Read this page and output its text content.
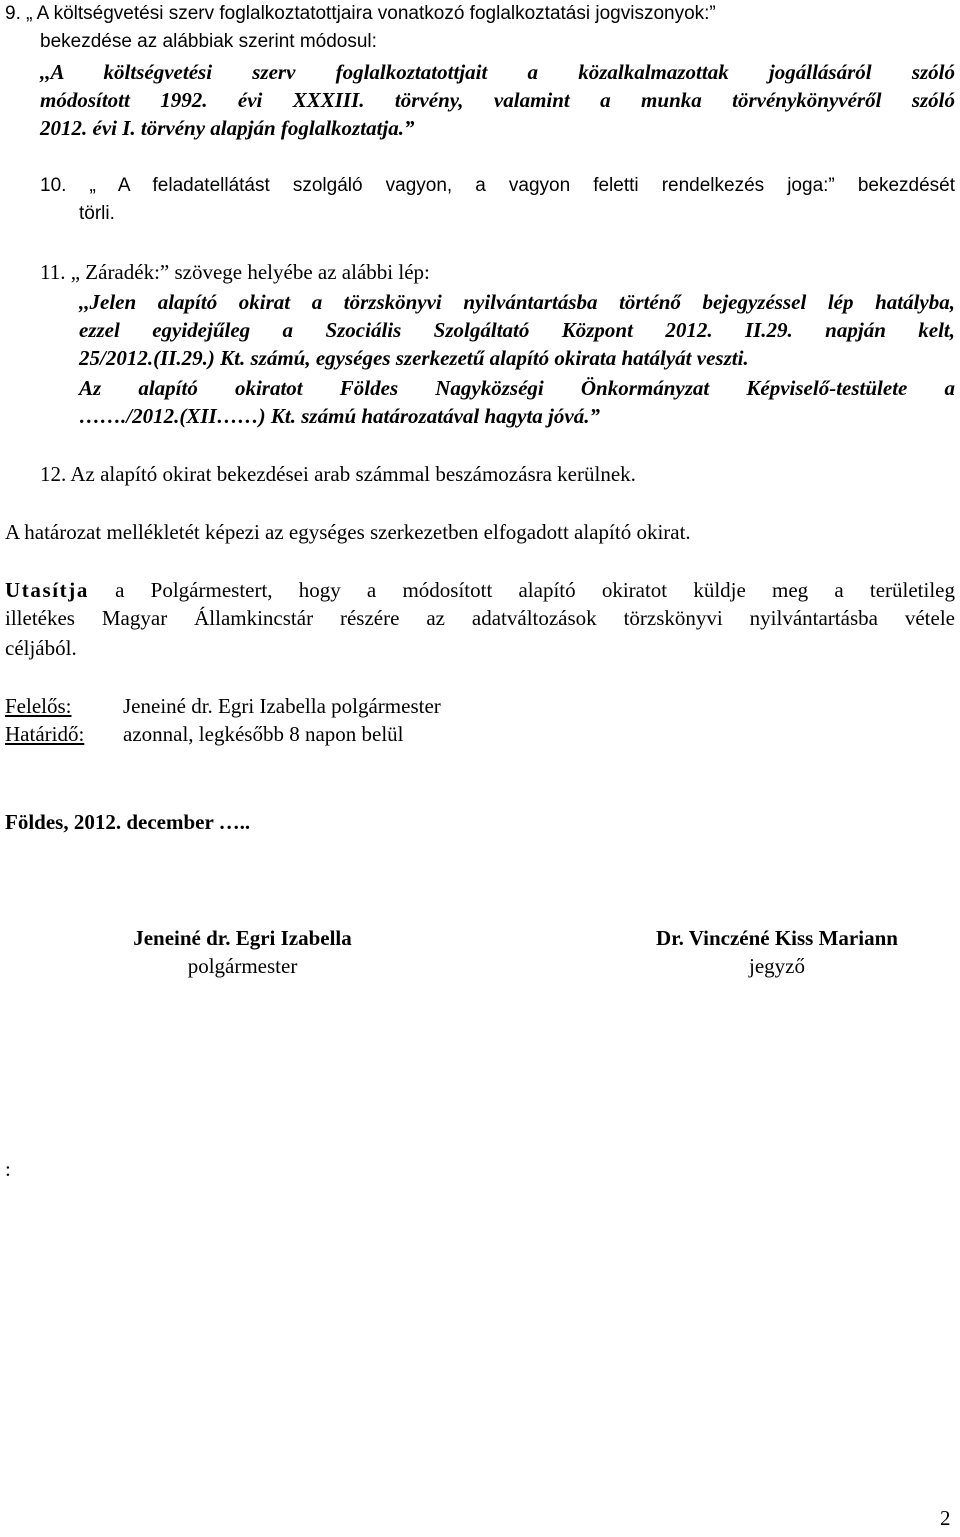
9. „ A költségvetési szerv foglalkoztatottjaira vonatkozó foglalkoztatási jogviszonyok:”
bekezdése az alábbiak szerint módosul:
,,A költségvetési szerv foglalkoztatottjait a közalkalmazottak jogállásáról szóló
módosított 1992. évi XXXIII. törvény, valamint a munka törvénykönyvéről szóló
2012. évi I. törvény alapján foglalkoztatja.”
10. „ A feladatellátást szolgáló vagyon, a vagyon feletti rendelkezés joga:” bekezdését
törli.
11. „ Záradék:” szövege helyébe az alábbi lép:
,,Jelen alapító okirat a törzskönyvi nyilvántartásba történő bejegyzéssel lép hatályba,
ezzel egyidejűleg a Szociális Szolgáltató Központ 2012. II.29. napján kelt,
25/2012.(II.29.) Kt. számú, egységes szerkezetű alapító okirata hatályát veszti.
Az alapító okiratot Földes Nagyközségi Önkormányzat Képviselő-testülete a
……./2012.(XII……) Kt. számú határozatával hagyta jóvá.”
12. Az alapító okirat bekezdései arab számmal beszámozásra kerülnek.
A határozat mellékletét képezi az egységes szerkezetben elfogadott alapító okirat.
Utasítja a Polgármestert, hogy a módosított alapító okiratot küldje meg a területileg
illetékes Magyar Államkincstár részére az adatváltozások törzskönyvi nyilvántartásba vétele
céljából.
Felelős:Jeneiné dr. Egri Izabella polgármester
Határidő:azonnal, legkésőbb 8 napon belül
Földes, 2012. december …..
Jeneiné dr. Egri Izabella
polgármester
Dr. Vinczéné Kiss Mariann
jegyző
:
2
